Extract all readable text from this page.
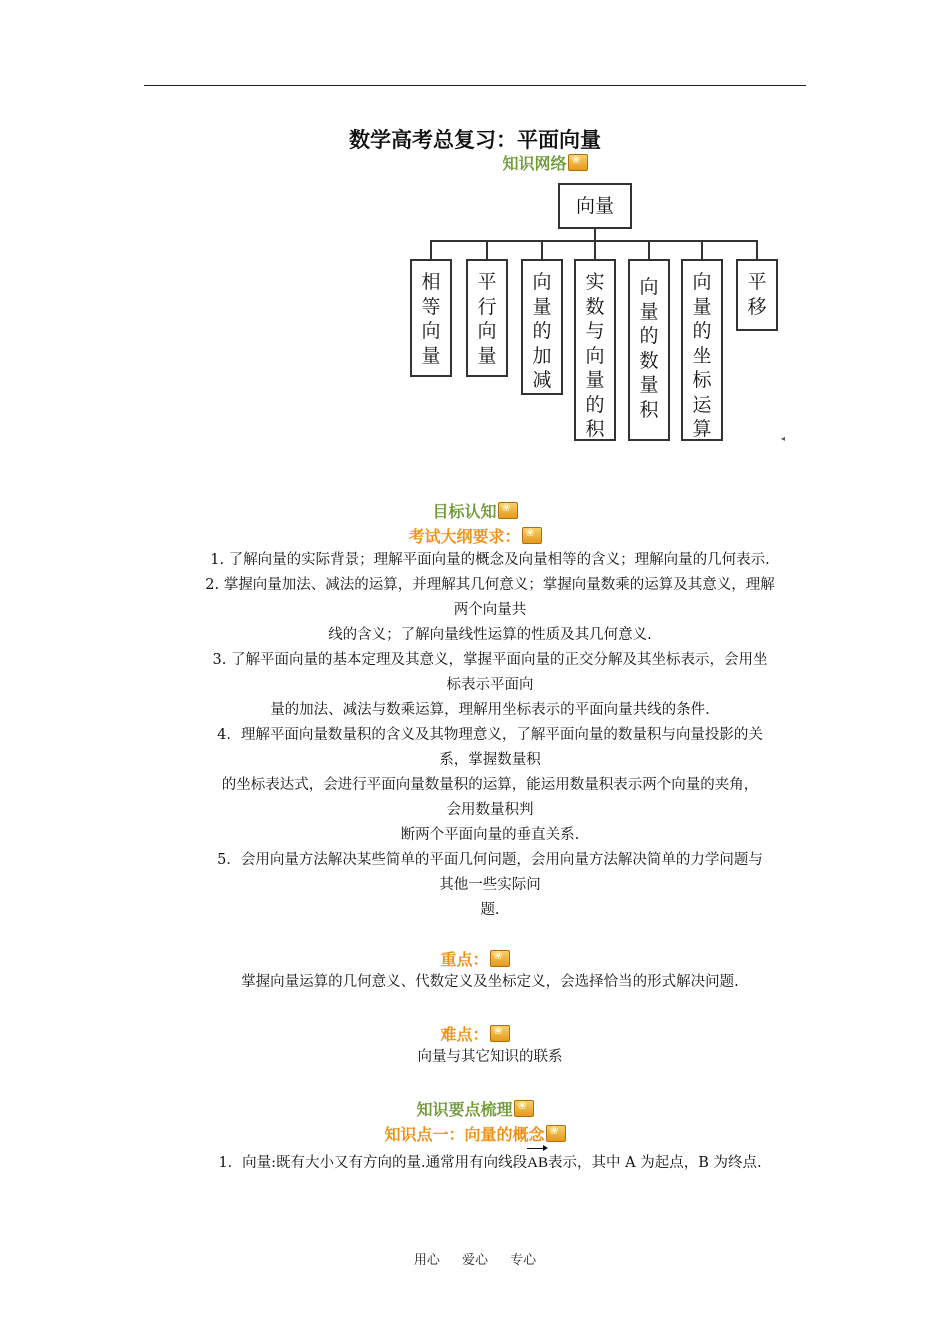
数学高考总复习：平面向量
知识网络❀
向量
相
等
向
量
平
行
向
量
向
量
的
加
减
实
数
与
向
量
的
积
向
量
的
数
量
积
向
量
的
坐
标
运
算
平
移
◂
目标认知❀
考试大纲要求：❀
1. 了解向量的实际背景；理解平面向量的概念及向量相等的含义；理解向量的几何表示.
2. 掌握向量加法、减法的运算，并理解其几何意义；掌握向量数乘的运算及其意义，理解
两个向量共
线的含义；了解向量线性运算的性质及其几何意义.
3. 了解平面向量的基本定理及其意义，掌握平面向量的正交分解及其坐标表示，会用坐
标表示平面向
量的加法、减法与数乘运算，理解用坐标表示的平面向量共线的条件.
4．理解平面向量数量积的含义及其物理意义，了解平面向量的数量积与向量投影的关
系，掌握数量积
的坐标表达式，会进行平面向量数量积的运算，能运用数量积表示两个向量的夹角，
会用数量积判
断两个平面向量的垂直关系.
5．会用向量方法解决某些简单的平面几何问题，会用向量方法解决简单的力学问题与
其他一些实际问
题.
重点：❀
掌握向量运算的几何意义、代数定义及坐标定义，会选择恰当的形式解决问题.
难点：❀
向量与其它知识的联系
知识要点梳理❀
知识点一：向量的概念❀
1．向量:既有大小又有方向的量.通常用有向线段AB表示，其中 A 为起点，B 为终点.
用心 爱心 专心
